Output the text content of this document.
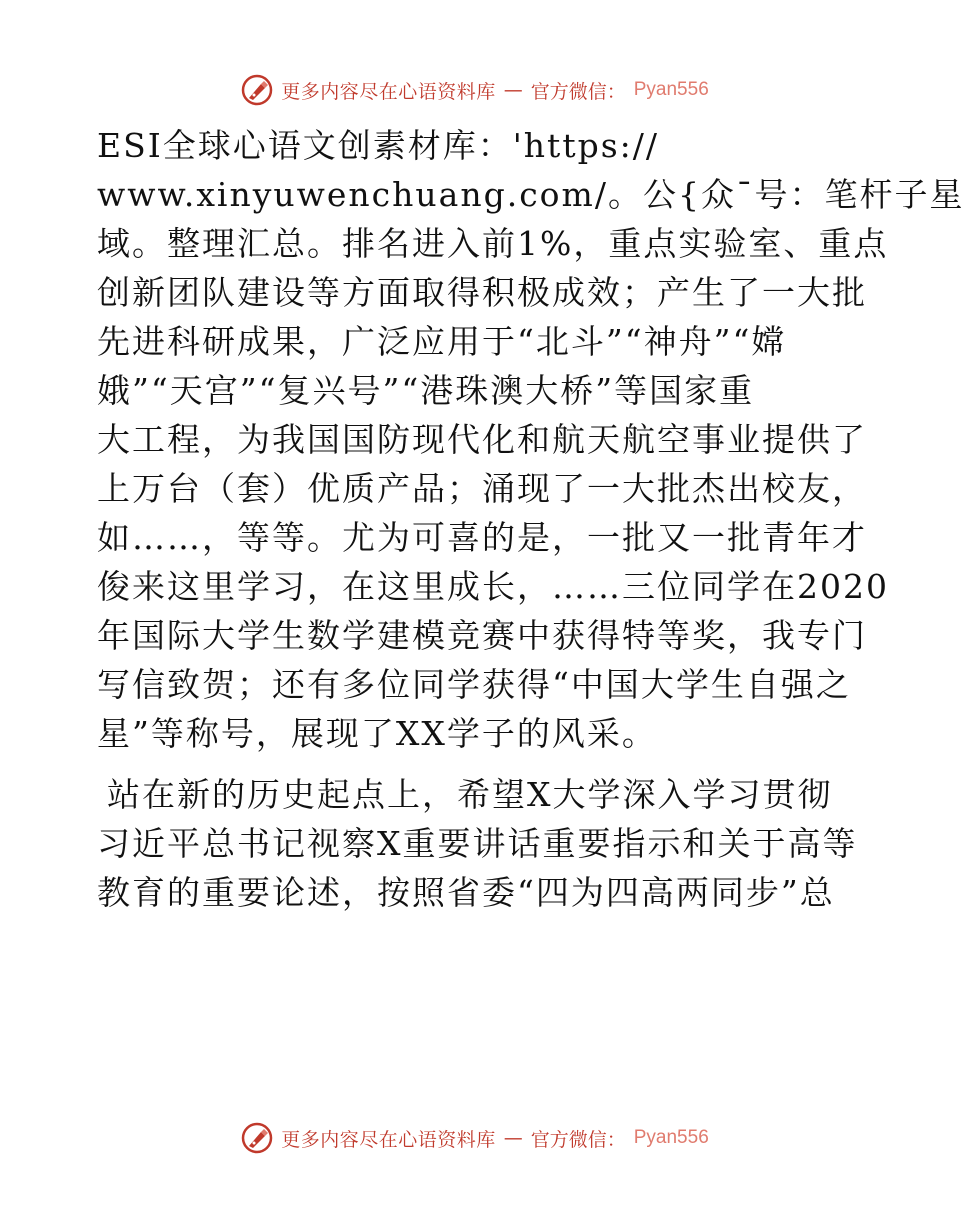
更多内容尽在心语资料库 — 官方微信： Pyan556
ESI全球心语文创素材库：'https://
www.xinyuwenchuang.com/。公{众¯号：笔杆子星
域。整理汇总。排名进入前1%，重点实验室、重点
创新团队建设等方面取得积极成效；产生了一大批
先进科研成果，广泛应用于“北斗”“神舟”“嫦
娥”“天宫”“复兴号”“港珠澳大桥”等国家重
大工程，为我国国防现代化和航天航空事业提供了
上万台（套）优质产品；涌现了一大批杰出校友，
如……，等等。尤为可喜的是，一批又一批青年才
俊来这里学习，在这里成长，……三位同学在2020
年国际大学生数学建模竞赛中获得特等奖，我专门
写信致贺；还有多位同学获得“中国大学生自强之
星”等称号，展现了XX学子的风采。
站在新的历史起点上，希望X大学深入学习贯彻
习近平总书记视察X重要讲话重要指示和关于高等
教育的重要论述，按照省委“四为四高两同步”总
更多内容尽在心语资料库 — 官方微信： Pyan556
